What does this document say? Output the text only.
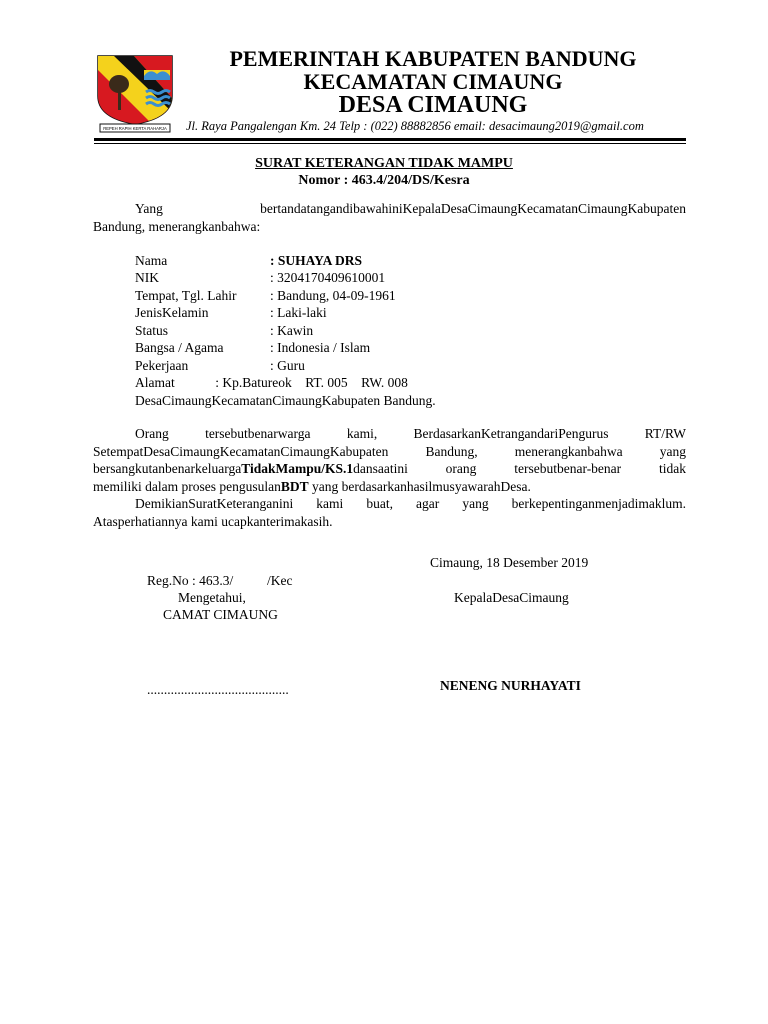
REPEH RAPIH KERTA RAHARJA
PEMERINTAH KABUPATEN BANDUNG
KECAMATAN CIMAUNG
DESA CIMAUNG
Jl. Raya Pangalengan Km. 24 Telp : (022) 88882856 email: desacimaung2019@gmail.com
SURAT KETERANGAN TIDAK MAMPU
Nomor : 463.4/204/DS/Kesra
Yang bertandatangandibawahiniKepalaDesaCimaungKecamatanCimaungKabupaten
Bandung, menerangkanbahwa:
Nama	: SUHAYA DRS
NIK	: 3204170409610001
Tempat, Tgl. Lahir : Bandung, 04-09-1961
JenisKelamin	: Laki-laki
Status	: Kawin
Bangsa / Agama	: Indonesia / Islam
Pekerjaan	: Guru
Alamat            : Kp.Batureok    RT. 005    RW. 008
DesaCimaungKecamatanCimaungKabupaten Bandung.
Orang tersebutbenarwarga kami, BerdasarkanKetrangandariPengurus RT/RW
SetempatDesaCimaungKecamatanCimaungKabupaten Bandung, menerangkanbahwa yang
bersangkutanbenarkeluargaTidakMampu/KS.1dansaatini orang tersebutbenar-benar tidak
memiliki dalam proses pengusulanBDT yang berdasarkanhasilmusyawarahDesa.
DemikianSuratKeteranganini kami buat, agar yang berkepentinganmenjadimaklum.
Atasperhatiannya kami ucapkanterimakasih.
Cimaung, 18 Desember 2019
Reg.No : 463.3/          /Kec
Mengetahui,	KepalaDesaCimaung
CAMAT CIMAUNG
..........................................	NENENG NURHAYATI
